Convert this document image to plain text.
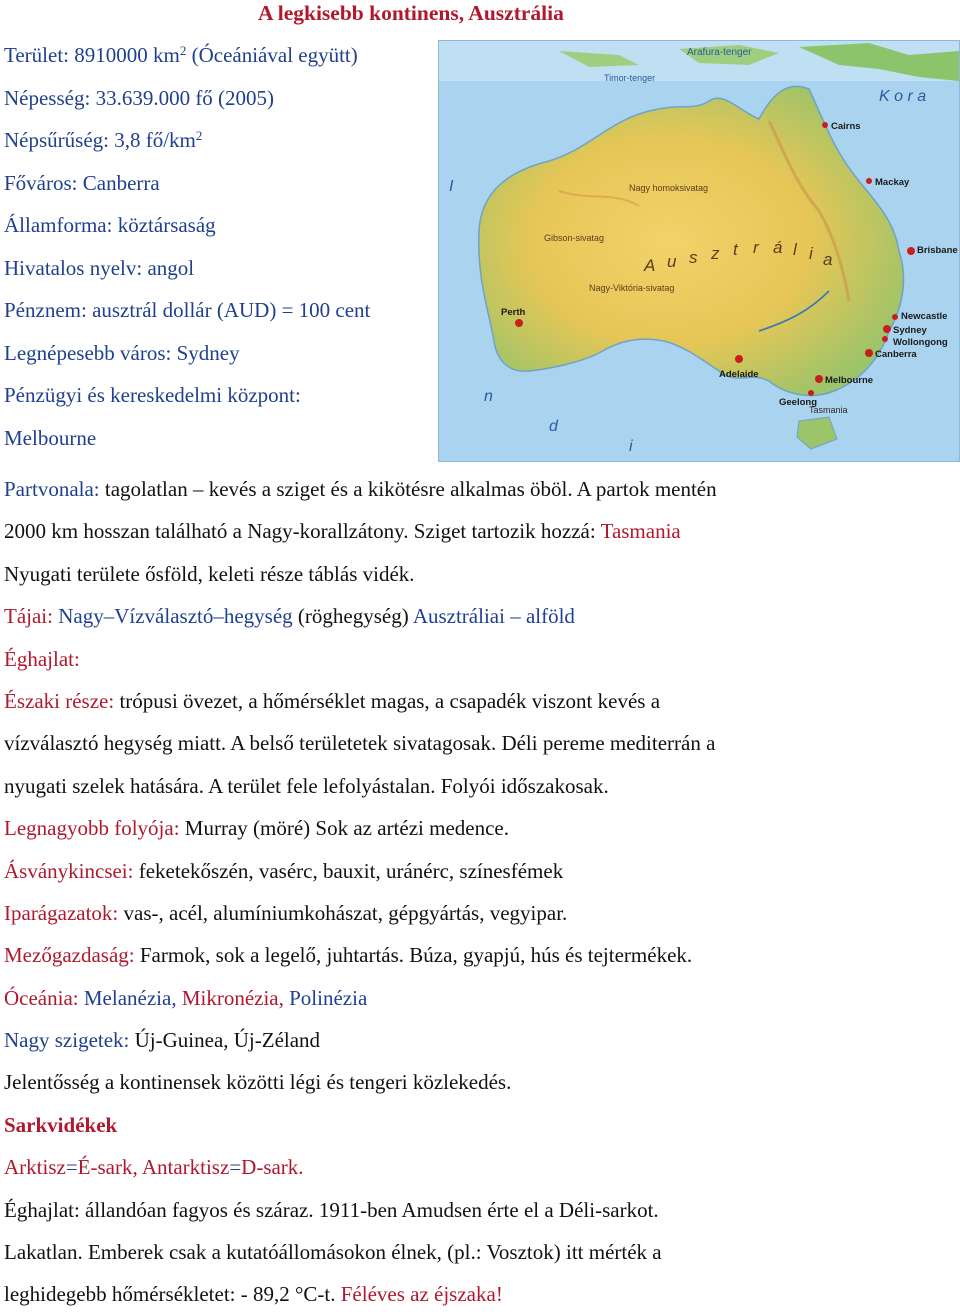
A legkisebb kontinens, Ausztrália
Terület: 8910000 $km^2$ (Óceániával együtt)
Népesség: 33.639.000 fő (2005)
Népsűrűség: 3,8 $fő/km^2$
Főváros: Canberra
Államforma: köztársaság
Hivatalos nyelv: angol
Pénznem: ausztrál dollár (AUD) = 100 cent
Legnépesebb város: Sydney
Pénzügyi és kereskedelmi központ:
Melbourne
Arafura-tenger
Timor-tenger
K o r a
I
n
d
i
A u s z t r á l i a
Nagy homoksivatag
Gibson-sivatag
Nagy-Viktória-sivatag
Tasmania
Perth
Adelaide
Melbourne
Canberra
Sydney
Wollongong
Newcastle
Brisbane
Mackay
Cairns
Geelong
Partvonala: tagolatlan – kevés a sziget és a kikötésre alkalmas öböl. A partok mentén
2000 km hosszan található a Nagy-korallzátony. Sziget tartozik hozzá: Tasmania
Nyugati területe ősföld, keleti része táblás vidék.
Tájai: Nagy–Vízválasztó–hegység (röghegység) Ausztráliai – alföld
Éghajlat:
Északi része: trópusi övezet, a hőmérséklet magas, a csapadék viszont kevés a
vízválasztó hegység miatt. A belső területetek sivatagosak. Déli pereme mediterrán a
nyugati szelek hatására. A terület fele lefolyástalan. Folyói időszakosak.
Legnagyobb folyója: Murray (möré) Sok az artézi medence.
Ásványkincsei: feketekőszén, vasérc, bauxit, uránérc, színesfémek
Iparágazatok: vas-, acél, alumíniumkohászat, gépgyártás, vegyipar.
Mezőgazdaság: Farmok, sok a legelő, juhtartás. Búza, gyapjú, hús és tejtermékek.
Óceánia: Melanézia, Mikronézia, Polinézia
Nagy szigetek: Új-Guinea, Új-Zéland
Jelentősség a kontinensek közötti légi és tengeri közlekedés.
Sarkvidékek
Arktisz=É-sark, Antarktisz=D-sark.
Éghajlat: állandóan fagyos és száraz. 1911-ben Amudsen érte el a Déli-sarkot.
Lakatlan. Emberek csak a kutatóállomásokon élnek, (pl.: Vosztok) itt mérték a
leghidegebb hőmérsékletet: - 89,2 °C-t. Féléves az éjszaka!
